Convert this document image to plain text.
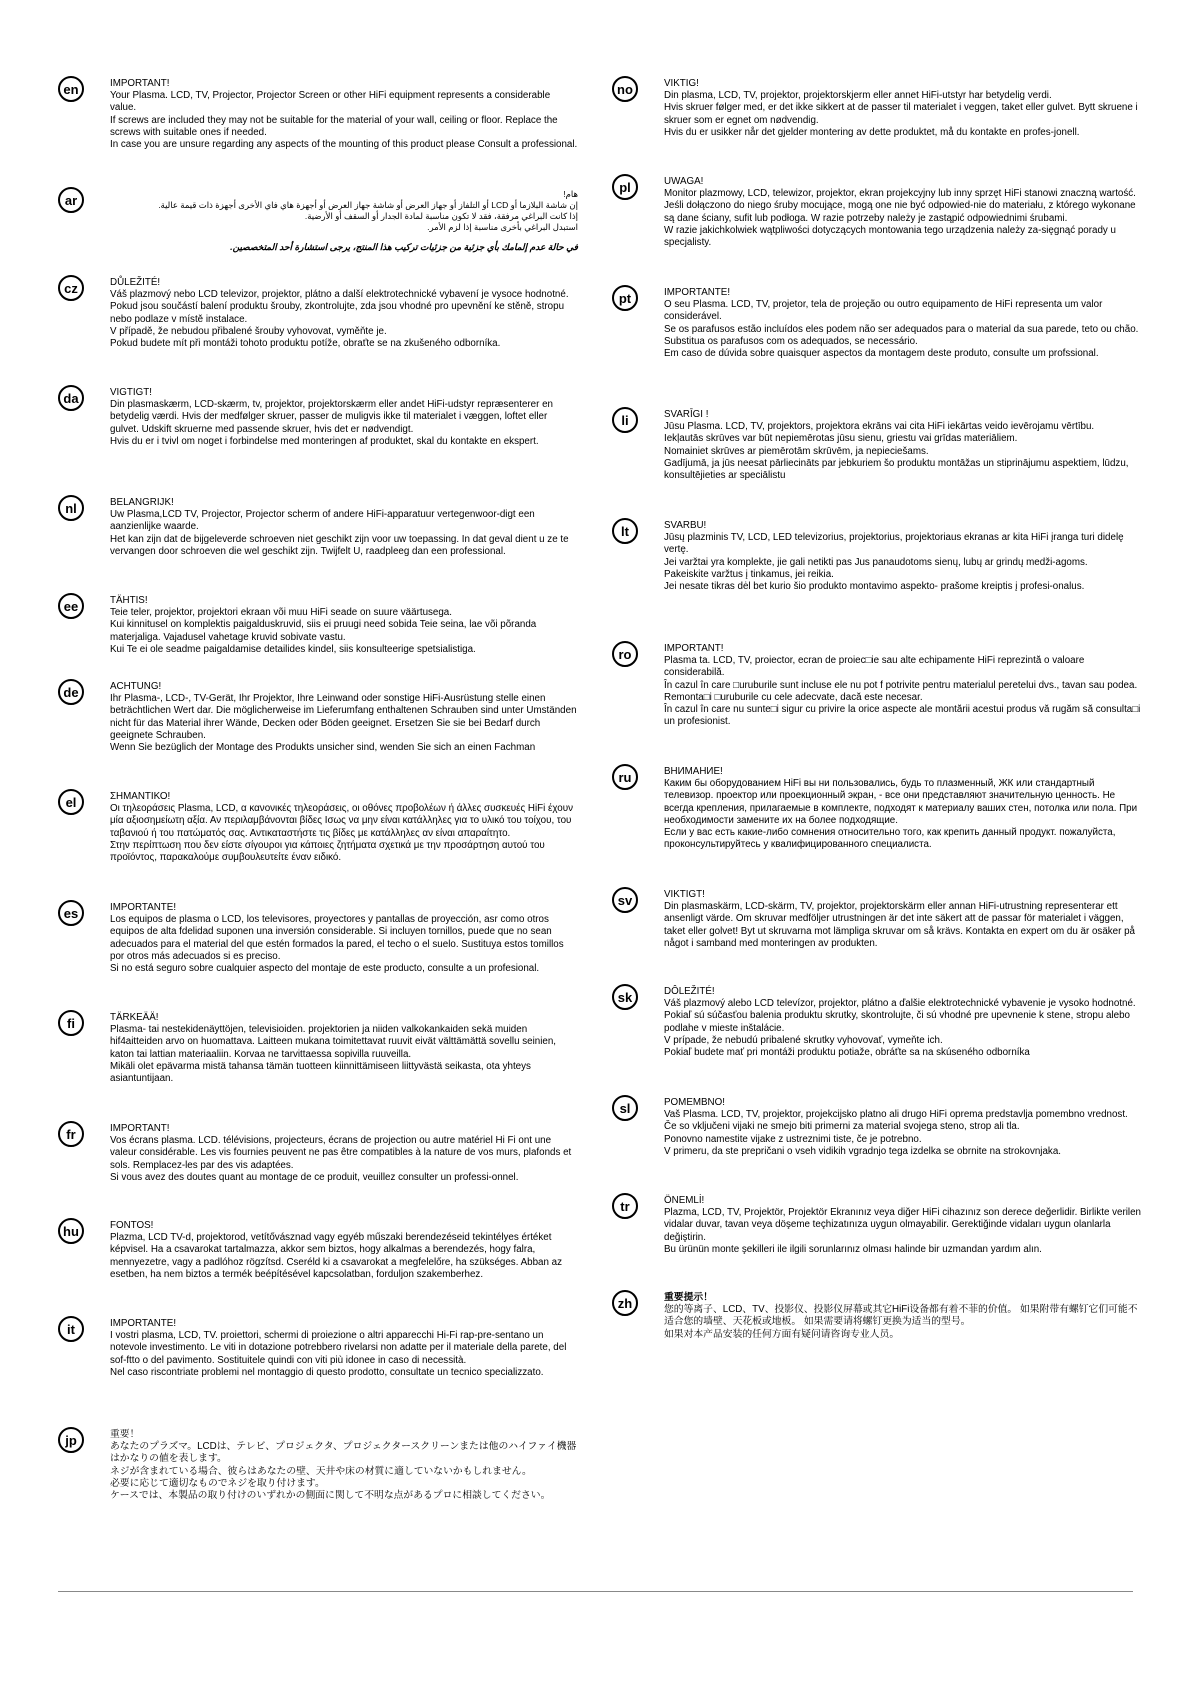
en	IMPORTANT!

Your Plasma. LCD, TV, Projector, Projector Screen or other HiFi equipment represents a considerable value.

If screws are included they may not be suitable for the material of your wall, ceiling or floor. Replace the screws with suitable ones if needed.

In case you are unsure regarding any aspects of the mounting of this product please Consult a professional.

ar	هام!

إن شاشة البلازما أو LCD أو التلفاز أو جهاز العرض أو شاشة جهاز العرض أو أجهزة هاي فاي الأخرى أجهزة ذات قيمة عالية.

إذا كانت البراغي مرفقة، فقد لا تكون مناسبة لمادة الجدار أو السقف أو الأرضية.

استبدل البراغي بأخرى مناسبة إذا لزم الأمر.

في حالة عدم إلمامك بأي جزئية من جزئيات تركيب هذا المنتج، يرجى استشارة أحد المتخصصين.

cz	DŮLEŽITÉ!

Váš plazmový nebo LCD televizor, projektor, plátno a další elektrotechnické vybavení je vysoce hodnotné.

Pokud jsou součástí balení produktu šrouby, zkontrolujte, zda jsou vhodné pro upevnění ke stěně, stropu nebo podlaze v místě instalace.

V případě, že nebudou přibalené šrouby vyhovovat, vyměňte je.

Pokud budete mít při montáži tohoto produktu potíže, obraťte se na zkušeného odborníka.

da	VIGTIGT!

Din plasmaskærm, LCD-skærm, tv, projektor, projektorskærm eller andet HiFi-udstyr repræsenterer en betydelig værdi. Hvis der medfølger skruer, passer de muligvis ikke til materialet i væggen, loftet eller gulvet. Udskift skruerne med passende skruer, hvis det er nødvendigt.

Hvis du er i tvivl om noget i forbindelse med monteringen af produktet, skal du kontakte en ekspert.

nl	BELANGRIJK!

Uw Plasma,LCD TV, Projector, Projector scherm of andere HiFi-apparatuur vertegenwoor-digt een aanzienlijke waarde.

Het kan zijn dat de bijgeleverde schroeven niet geschikt zijn voor uw toepassing. In dat geval dient u ze te vervangen door schroeven die wel geschikt zijn. Twijfelt U, raadpleeg dan een professional.

ee	TÄHTIS!

Teie teler, projektor, projektori ekraan või muu HiFi seade on suure väärtusega.

Kui kinnitusel on komplektis paigalduskruvid, siis ei pruugi need sobida Teie seina, lae või põranda materjaliga. Vajadusel vahetage kruvid sobivate vastu.

Kui Te ei ole seadme paigaldamise detailides kindel, siis konsulteerige spetsialistiga.

de	ACHTUNG!

Ihr Plasma-, LCD-, TV-Gerät, Ihr Projektor, Ihre Leinwand oder sonstige HiFi-Ausrüstung stelle einen beträchtlichen Wert dar. Die möglicherweise im Lieferumfang enthaltenen Schrauben sind unter Umständen nicht für das Material ihrer Wände, Decken oder Böden geeignet. Ersetzen Sie sie bei Bedarf durch geeignete Schrauben.

Wenn Sie bezüglich der Montage des Produkts unsicher sind, wenden Sie sich an einen Fachman

el	ΣΗΜΑΝΤΙΚΟ!

Οι τηλεοράσεις Plasma, LCD, α κανονικές τηλεοράσεις, οι οθόνες προβολέων ή άλλες συσκευές HiFi έχουν μία αξιοσημείωτη αξία. Αν περιλαμβάνονται βίδες Ισως να μην είναι κατάλληλες για το υλικό του τοίχου, του ταβανιού ή του πατώματός σας. Αντικαταστήστε τις βίδες με κατάλληλες αν είναι απαραίτητο.

Στην περίπτωση που δεν είστε σίγουροι για κάποιες ζητήματα σχετικά με την προσάρτηση αυτού του προϊόντος, παρακαλούμε συμβουλευτείτε έναν ειδικό.

es	IMPORTANTE!

Los equipos de plasma o LCD, los televisores, proyectores y pantallas de proyección, asr como otros equipos de alta fdelidad suponen una inversión considerable. Si incluyen tornillos, puede que no sean adecuados para el material del que estén formados la pared, el techo o el suelo. Sustituya estos tomillos por otros más adecuados si es preciso.

Si no está seguro sobre cualquier aspecto del montaje de este producto, consulte a un profesional.

fi	TÄRKEÄÄ!

Plasma- tai nestekidenäyttöjen, televisioiden. projektorien ja niiden valkokankaiden sekä muiden hif4aitteiden arvo on huomattava. Laitteen mukana toimitettavat ruuvit eivät välttämättä sovellu seinien, katon tai lattian materiaaliin. Korvaa ne tarvittaessa sopivilla ruuveilla.

Mikäli olet epävarma mistä tahansa tämän tuotteen kiinnittämiseen liittyvästä seikasta, ota yhteys asiantuntijaan.

fr	IMPORTANT!

Vos écrans plasma. LCD. télévisions, projecteurs, écrans de projection ou autre matériel Hi Fi ont une valeur considérable. Les vis fournies peuvent ne pas être compatibles à la nature de vos murs, plafonds et sols. Remplacez-les par des vis adaptées.

Si vous avez des doutes quant au montage de ce produit, veuillez consulter un professi-onnel.

hu	FONTOS!

Plazma, LCD TV-d, projektorod, vetítővásznad vagy egyéb műszaki berendezéseid tekintélyes értéket képvisel. Ha a csavarokat tartalmazza, akkor sem biztos, hogy alkalmas a berendezés, hogy falra, mennyezetre, vagy a padlóhoz rögzítsd. Cseréld ki a csavarokat a megfelelőre, ha szükséges. Abban az esetben, ha nem biztos a termék beépítésével kapcsolatban, forduljon szakemberhez.

it	IMPORTANTE!

I vostri plasma, LCD, TV. proiettori, schermi di proiezione o altri apparecchi Hi-Fi rap-pre-sentano un notevole investimento. Le viti in dotazione potrebbero rivelarsi non adatte per il materiale della parete, del sof-ftto o del pavimento. Sostituitele quindi con viti più idonee in caso di necessità.

Nel caso riscontriate problemi nel montaggio di questo prodotto, consultate un tecnico specializzato.

jp	重要！

あなたのプラズマ。LCDは、テレビ、プロジェクタ、プロジェクタースクリーンまたは他のハイファイ機器はかなりの値を表します。

ネジが含まれている場合、彼らはあなたの壁、天井や床の材質に適していないかもしれません。

必要に応じて適切なものでネジを取り付けます。

ケースでは、本製品の取り付けのいずれかの側面に関して不明な点があるプロに相談してください。

no	VIKTIG!

Din plasma, LCD, TV, projektor, projektorskjerm eller annet HiFi-utstyr har betydelig verdi.

Hvis skruer følger med, er det ikke sikkert at de passer til materialet i veggen, taket eller gulvet. Bytt skruene i skruer som er egnet om nødvendig.

Hvis du er usikker når det gjelder montering av dette produktet, må du kontakte en profes-jonell.

pl	UWAGA!

Monitor plazmowy, LCD, telewizor, projektor, ekran projekcyjny lub inny sprzęt HiFi stanowi znaczną wartość. Jeśli dołączono do niego śruby mocujące, mogą one nie być odpowied-nie do materiału, z którego wykonane są dane ściany, sufit lub podłoga. W razie potrzeby należy je zastąpić odpowiednimi śrubami.

W razie jakichkolwiek wątpliwości dotyczących montowania tego urządzenia należy za-sięgnąć porady u specjalisty.

pt	IMPORTANTE!

O seu Plasma. LCD, TV, projetor, tela de projeção ou outro equipamento de HiFi representa um valor considerável.

Se os parafusos estão incluídos eles podem não ser adequados para o material da sua parede, teto ou chão.

Substitua os parafusos com os adequados, se necessário.

Em caso de dúvida sobre quaisquer aspectos da montagem deste produto, consulte um profssional.

li	SVARĪGI !

Jūsu Plasma. LCD, TV, projektors, projektora ekrāns vai cita HiFi iekārtas veido ievērojamu vērtību.

Iekļautās skrūves var būt nepiemērotas jūsu sienu, griestu vai grīdas materiāliem.

Nomainiet skrūves ar piemērotām skrūvēm, ja nepieciešams.

Gadījumā, ja jūs neesat pārliecināts par jebkuriem šo produktu montāžas un stiprinājumu aspektiem, lūdzu, konsultējieties ar speciālistu

lt	SVARBU!

Jūsų plazminis TV, LCD, LED televizorius, projektorius, projektoriaus ekranas ar kita HiFi įranga turi didelę vertę.

Jei varžtai yra komplekte, jie gali netikti pas Jus panaudotoms sienų, lubų ar grindų medži-agoms.

Pakeiskite varžtus į tinkamus, jei reikia.

Jei nesate tikras dėl bet kurio šio produkto montavimo aspekto- prašome kreiptis į profesi-onalus.

ro	IMPORTANT!

Plasma ta. LCD, TV, proiector, ecran de proiec□ie sau alte echipamente HiFi reprezintă o valoare considerabilă.

În cazul în care □uruburile sunt incluse ele nu pot f potrivite pentru materialul peretelui dvs., tavan sau podea.

Remonta□i □uruburile cu cele adecvate, dacă este necesar.

În cazul în care nu sunte□i sigur cu privire la orice aspecte ale montării acestui produs vă rugăm să consulta□i un profesionist.

ru	ВНИМАНИЕ!

Каким бы оборудованием HiFi вы ни пользовались, будь то плазменный, ЖК или стандартный телевизор. проектор или проекционный экран, - все они представляют значительную ценность. Не всегда крепления, прилагаемые в комплекте, подходят к материалу ваших стен, потолка или пола. При необходимости замените их на более подходящие.

Если у вас есть какие-либо сомнения относительно того, как крепить данный продукт. пожалуйста, проконсультируйтесь у квалифицированного специалиста.

sv	VIKTIGT!

Din plasmaskärm, LCD-skärm, TV, projektor, projektorskärm eller annan HiFi-utrustning representerar ett ansenligt värde. Om skruvar medföljer utrustningen är det inte säkert att de passar för materialet i väggen, taket eller golvet! Byt ut skruvarna mot lämpliga skruvar om så krävs. Kontakta en expert om du är osäker på något i samband med monteringen av produkten.

sk	DÔLEŽITÉ!

Váš plazmový alebo LCD televízor, projektor, plátno a ďalšie elektrotechnické vybavenie je vysoko hodnotné.

Pokiaľ sú súčasťou balenia produktu skrutky, skontrolujte, či sú vhodné pre upevnenie k stene, stropu alebo podlahe v mieste inštalácie.

V prípade, že nebudú pribalené skrutky vyhovovať, vymeňte ich.

Pokiaľ budete mať pri montáži produktu potiaže, obráťte sa na skúseného odborníka

sl	POMEMBNO!

Vaš Plasma. LCD, TV, projektor, projekcijsko platno ali drugo HiFi oprema predstavlja pomembno vrednost.

Če so vključeni vijaki ne smejo biti primerni za material svojega steno, strop ali tla.

Ponovno namestite vijake z ustreznimi tiste, če je potrebno.

V primeru, da ste prepričani o vseh vidikih vgradnjo tega izdelka se obrnite na strokovnjaka.

tr	ÖNEMLİ!

Plazma, LCD, TV, Projektör, Projektör Ekranınız veya diğer HiFi cihazınız son derece değerlidir. Birlikte verilen vidalar duvar, tavan veya döşeme teçhizatınıza uygun olmayabilir. Gerektiğinde vidaları uygun olanlarla değiştirin.

Bu ürünün monte şekilleri ile ilgili sorunlarınız olması halinde bir uzmandan yardım alın.

zh	重要提示！

您的等离子、LCD、TV、投影仪、投影仪屏幕或其它HiFi设备都有着不菲的价值。 如果附带有螺钉它们可能不适合您的墙壁、天花板或地板。 如果需要请将螺钉更换为适当的型号。

如果对本产品安装的任何方面有疑问请咨询专业人员。
